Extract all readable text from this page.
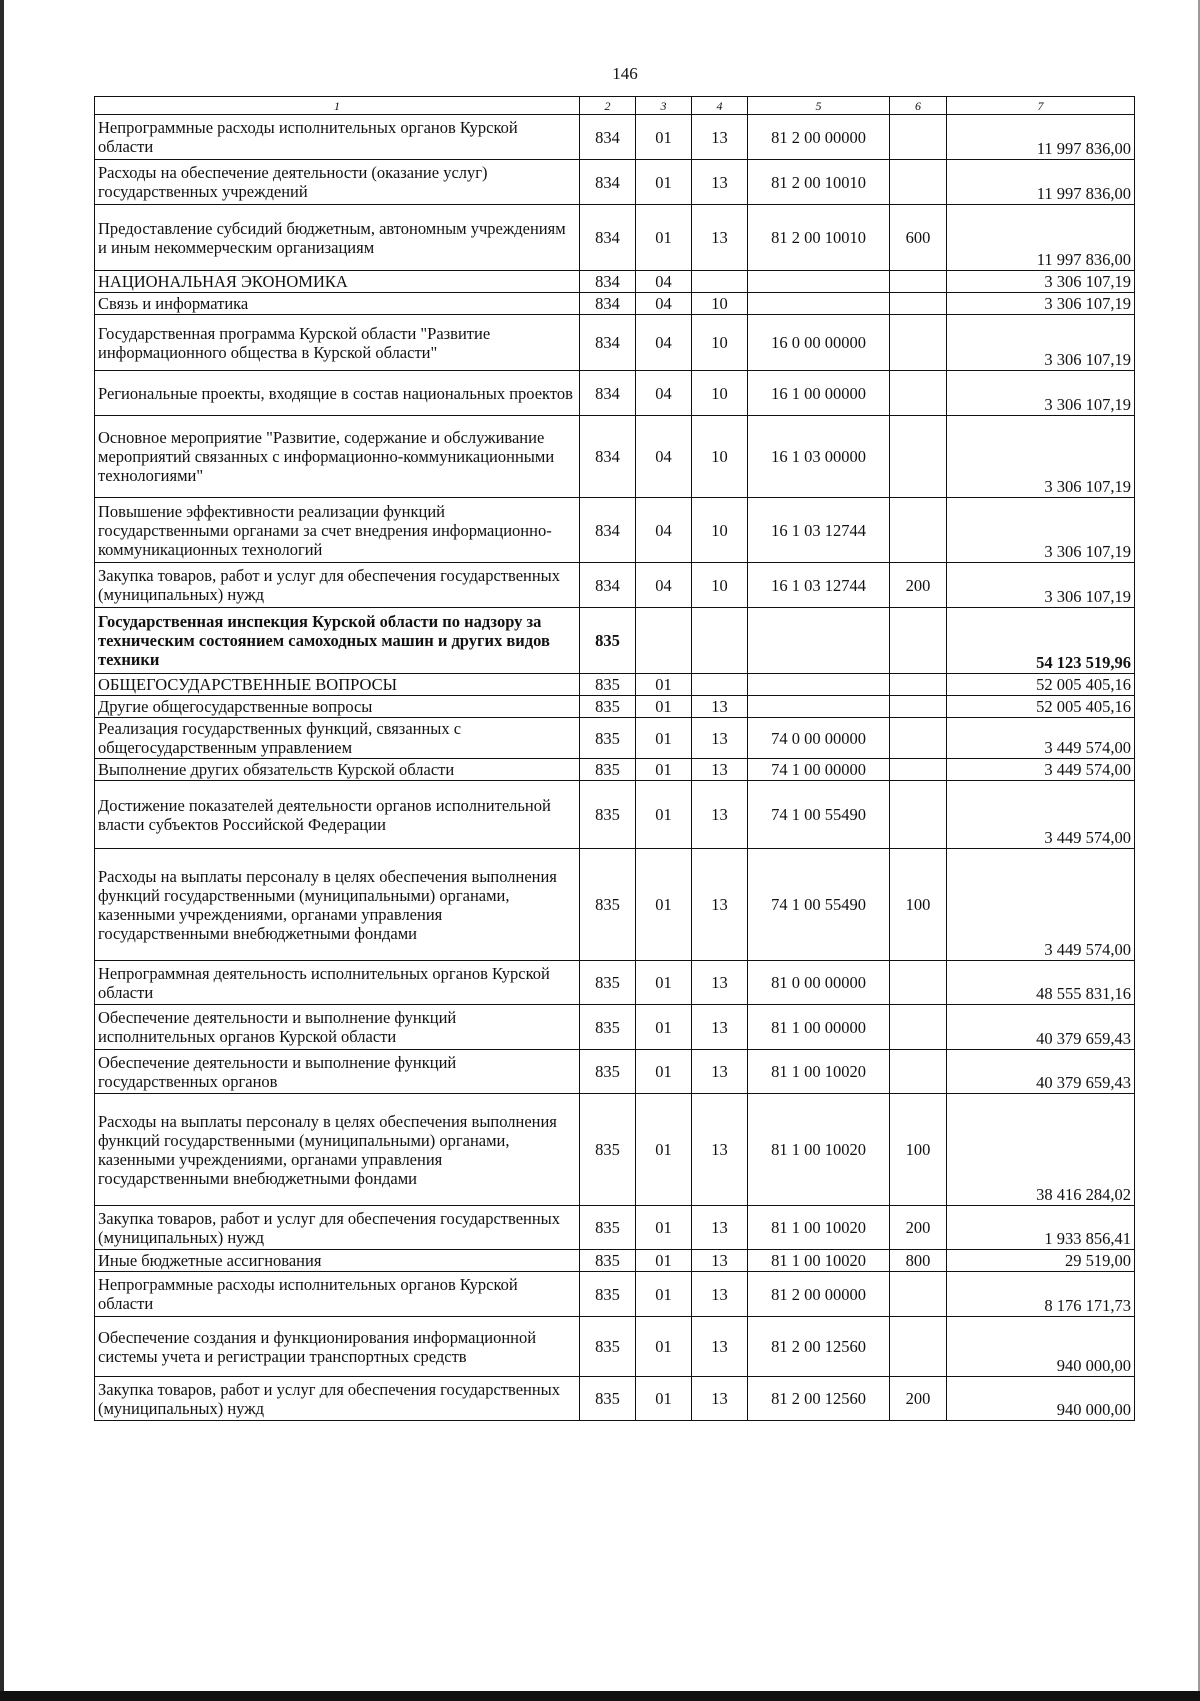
146
1	2	3	4	5	6	7
Непрограммные расходы исполнительных органов Курской области	834	01	13	81 2 00 00000		11 997 836,00
Расходы на обеспечение деятельности (оказание услуг) государственных учреждений	834	01	13	81 2 00 10010		11 997 836,00
Предоставление субсидий бюджетным, автономным учреждениям и иным некоммерческим организациям	834	01	13	81 2 00 10010	600	11 997 836,00
НАЦИОНАЛЬНАЯ ЭКОНОМИКА	834	04				3 306 107,19
Связь и информатика	834	04	10			3 306 107,19
Государственная программа Курской области "Развитие информационного общества в Курской области"	834	04	10	16 0 00 00000		3 306 107,19
Региональные проекты, входящие в состав национальных проектов	834	04	10	16 1 00 00000		3 306 107,19
Основное мероприятие "Развитие, содержание и обслуживание мероприятий связанных с информационно-коммуникационными технологиями"	834	04	10	16 1 03 00000		3 306 107,19
Повышение эффективности реализации функций государственными органами за счет внедрения информационно-коммуникационных технологий	834	04	10	16 1 03 12744		3 306 107,19
Закупка товаров, работ и услуг для обеспечения государственных (муниципальных) нужд	834	04	10	16 1 03 12744	200	3 306 107,19
Государственная инспекция Курской области по надзору за техническим состоянием самоходных машин и других видов техники	835					54 123 519,96
ОБЩЕГОСУДАРСТВЕННЫЕ ВОПРОСЫ	835	01				52 005 405,16
Другие общегосударственные вопросы	835	01	13			52 005 405,16
Реализация государственных функций, связанных с общегосударственным управлением	835	01	13	74 0 00 00000		3 449 574,00
Выполнение других обязательств Курской области	835	01	13	74 1 00 00000		3 449 574,00
Достижение показателей деятельности органов исполнительной власти субъектов Российской Федерации	835	01	13	74 1 00 55490		3 449 574,00
Расходы на выплаты персоналу в целях обеспечения выполнения функций государственными (муниципальными) органами, казенными учреждениями, органами управления государственными внебюджетными фондами	835	01	13	74 1 00 55490	100	3 449 574,00
Непрограммная деятельность исполнительных органов Курской области	835	01	13	81 0 00 00000		48 555 831,16
Обеспечение деятельности и выполнение функций исполнительных органов Курской области	835	01	13	81 1 00 00000		40 379 659,43
Обеспечение деятельности и выполнение функций государственных органов	835	01	13	81 1 00 10020		40 379 659,43
Расходы на выплаты персоналу в целях обеспечения выполнения функций государственными (муниципальными) органами, казенными учреждениями, органами управления государственными внебюджетными фондами	835	01	13	81 1 00 10020	100	38 416 284,02
Закупка товаров, работ и услуг для обеспечения государственных (муниципальных) нужд	835	01	13	81 1 00 10020	200	1 933 856,41
Иные бюджетные ассигнования	835	01	13	81 1 00 10020	800	29 519,00
Непрограммные расходы исполнительных органов Курской области	835	01	13	81 2 00 00000		8 176 171,73
Обеспечение создания и функционирования информационной системы учета и регистрации транспортных средств	835	01	13	81 2 00 12560		940 000,00
Закупка товаров, работ и услуг для обеспечения государственных (муниципальных) нужд	835	01	13	81 2 00 12560	200	940 000,00
